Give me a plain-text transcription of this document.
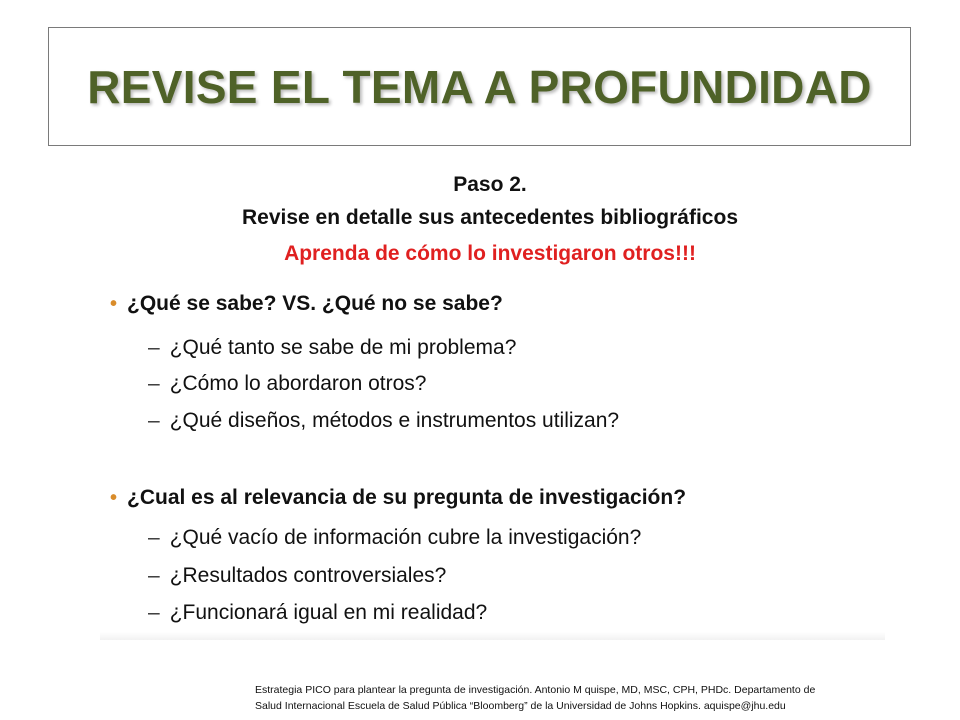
REVISE EL TEMA A PROFUNDIDAD
Paso 2.
Revise en detalle sus antecedentes bibliográficos
Aprenda de cómo lo investigaron otros!!!
• ¿Qué se sabe? VS. ¿Qué no se sabe?
– ¿Qué tanto se sabe de mi problema?
– ¿Cómo lo abordaron otros?
– ¿Qué diseños, métodos e instrumentos utilizan?
• ¿Cual es al relevancia de su pregunta de investigación?
– ¿Qué vacío de información cubre la investigación?
– ¿Resultados controversiales?
– ¿Funcionará igual en mi realidad?
Estrategia PICO para plantear la pregunta de investigación. Antonio M quispe, MD, MSC, CPH, PHDc. Departamento de
Salud Internacional Escuela de Salud Pública “Bloomberg” de la Universidad de Johns Hopkins. aquispe@jhu.edu
